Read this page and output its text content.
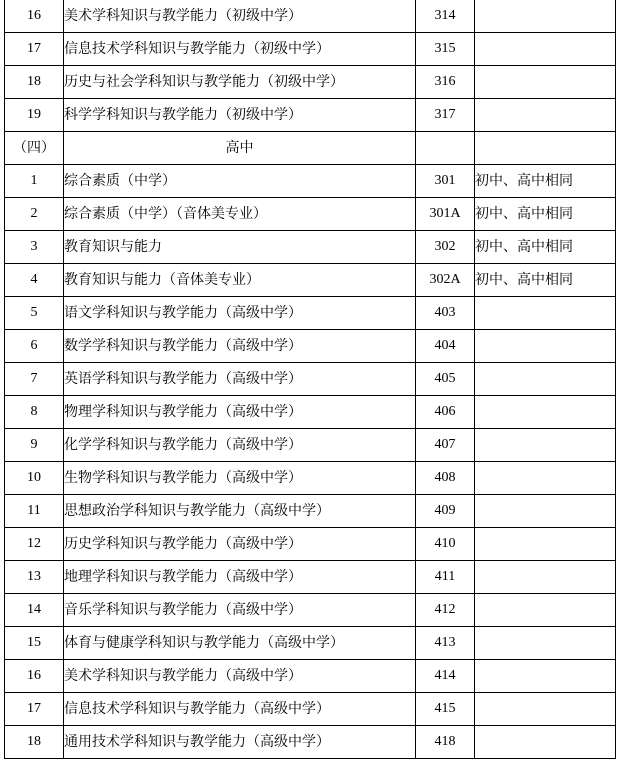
16	美术学科知识与教学能力（初级中学）	314	
17	信息技术学科知识与教学能力（初级中学）	315	
18	历史与社会学科知识与教学能力（初级中学）	316	
19	科学学科知识与教学能力（初级中学）	317	
（四）	高中		
1	综合素质（中学）	301	初中、高中相同
2	综合素质（中学）（音体美专业）	301A	初中、高中相同
3	教育知识与能力	302	初中、高中相同
4	教育知识与能力（音体美专业）	302A	初中、高中相同
5	语文学科知识与教学能力（高级中学）	403	
6	数学学科知识与教学能力（高级中学）	404	
7	英语学科知识与教学能力（高级中学）	405	
8	物理学科知识与教学能力（高级中学）	406	
9	化学学科知识与教学能力（高级中学）	407	
10	生物学科知识与教学能力（高级中学）	408	
11	思想政治学科知识与教学能力（高级中学）	409	
12	历史学科知识与教学能力（高级中学）	410	
13	地理学科知识与教学能力（高级中学）	411	
14	音乐学科知识与教学能力（高级中学）	412	
15	体育与健康学科知识与教学能力（高级中学）	413	
16	美术学科知识与教学能力（高级中学）	414	
17	信息技术学科知识与教学能力（高级中学）	415	
18	通用技术学科知识与教学能力（高级中学）	418	
